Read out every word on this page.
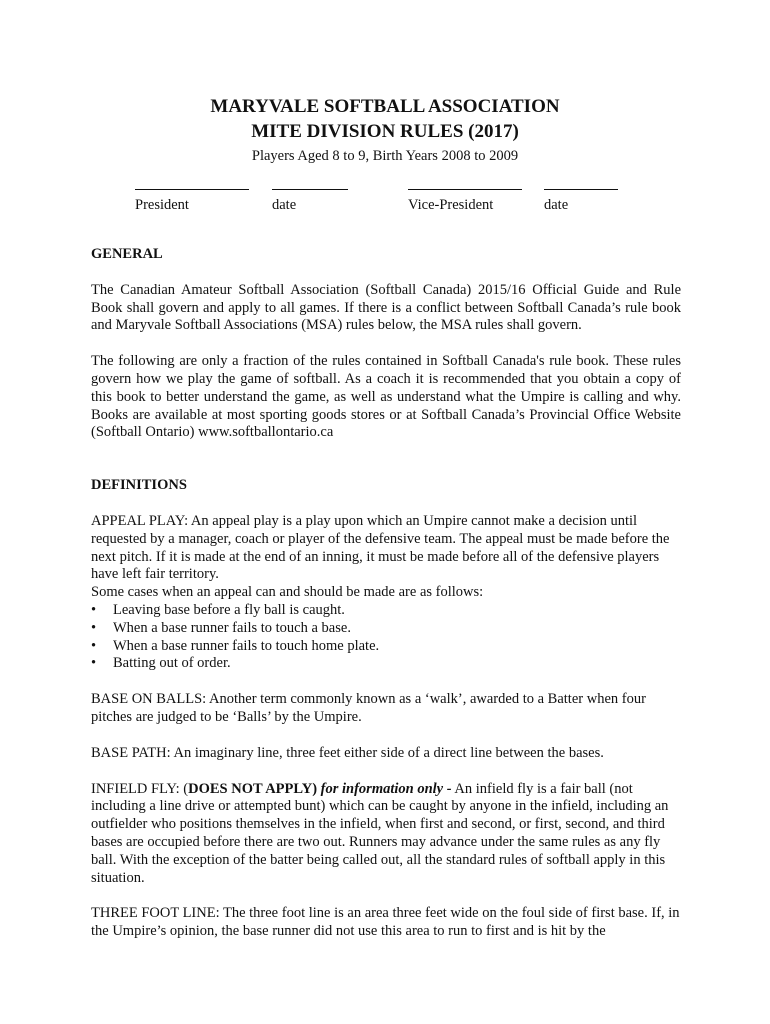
MARYVALE SOFTBALL ASSOCIATION
MITE DIVISION RULES (2017)
Players Aged 8 to 9, Birth Years 2008 to 2009
President	date	Vice-President	date

GENERAL

The Canadian Amateur Softball Association (Softball Canada) 2015/16 Official Guide and Rule Book shall govern and apply to all games. If there is a conflict between Softball Canada’s rule book and Maryvale Softball Associations (MSA) rules below, the MSA rules shall govern.

The following are only a fraction of the rules contained in Softball Canada's rule book. These rules govern how we play the game of softball. As a coach it is recommended that you obtain a copy of this book to better understand the game, as well as understand what the Umpire is calling and why. Books are available at most sporting goods stores or at Softball Canada’s Provincial Office Website (Softball Ontario) www.softballontario.ca

DEFINITIONS

APPEAL PLAY: An appeal play is a play upon which an Umpire cannot make a decision until requested by a manager, coach or player of the defensive team. The appeal must be made before the next pitch. If it is made at the end of an inning, it must be made before all of the defensive players have left fair territory.

Some cases when an appeal can and should be made are as follows:

• Leaving base before a fly ball is caught.
• When a base runner fails to touch a base.
• When a base runner fails to touch home plate.
• Batting out of order.

BASE ON BALLS: Another term commonly known as a ‘walk’, awarded to a Batter when four pitches are judged to be ‘Balls’ by the Umpire.

BASE PATH: An imaginary line, three feet either side of a direct line between the bases.

INFIELD FLY: (DOES NOT APPLY) for information only - An infield fly is a fair ball (not including a line drive or attempted bunt) which can be caught by anyone in the infield, including an outfielder who positions themselves in the infield, when first and second, or first, second, and third bases are occupied before there are two out. Runners may advance under the same rules as any fly ball. With the exception of the batter being called out, all the standard rules of softball apply in this situation.

THREE FOOT LINE: The three foot line is an area three feet wide on the foul side of first base. If, in the Umpire’s opinion, the base runner did not use this area to run to first and is hit by the
